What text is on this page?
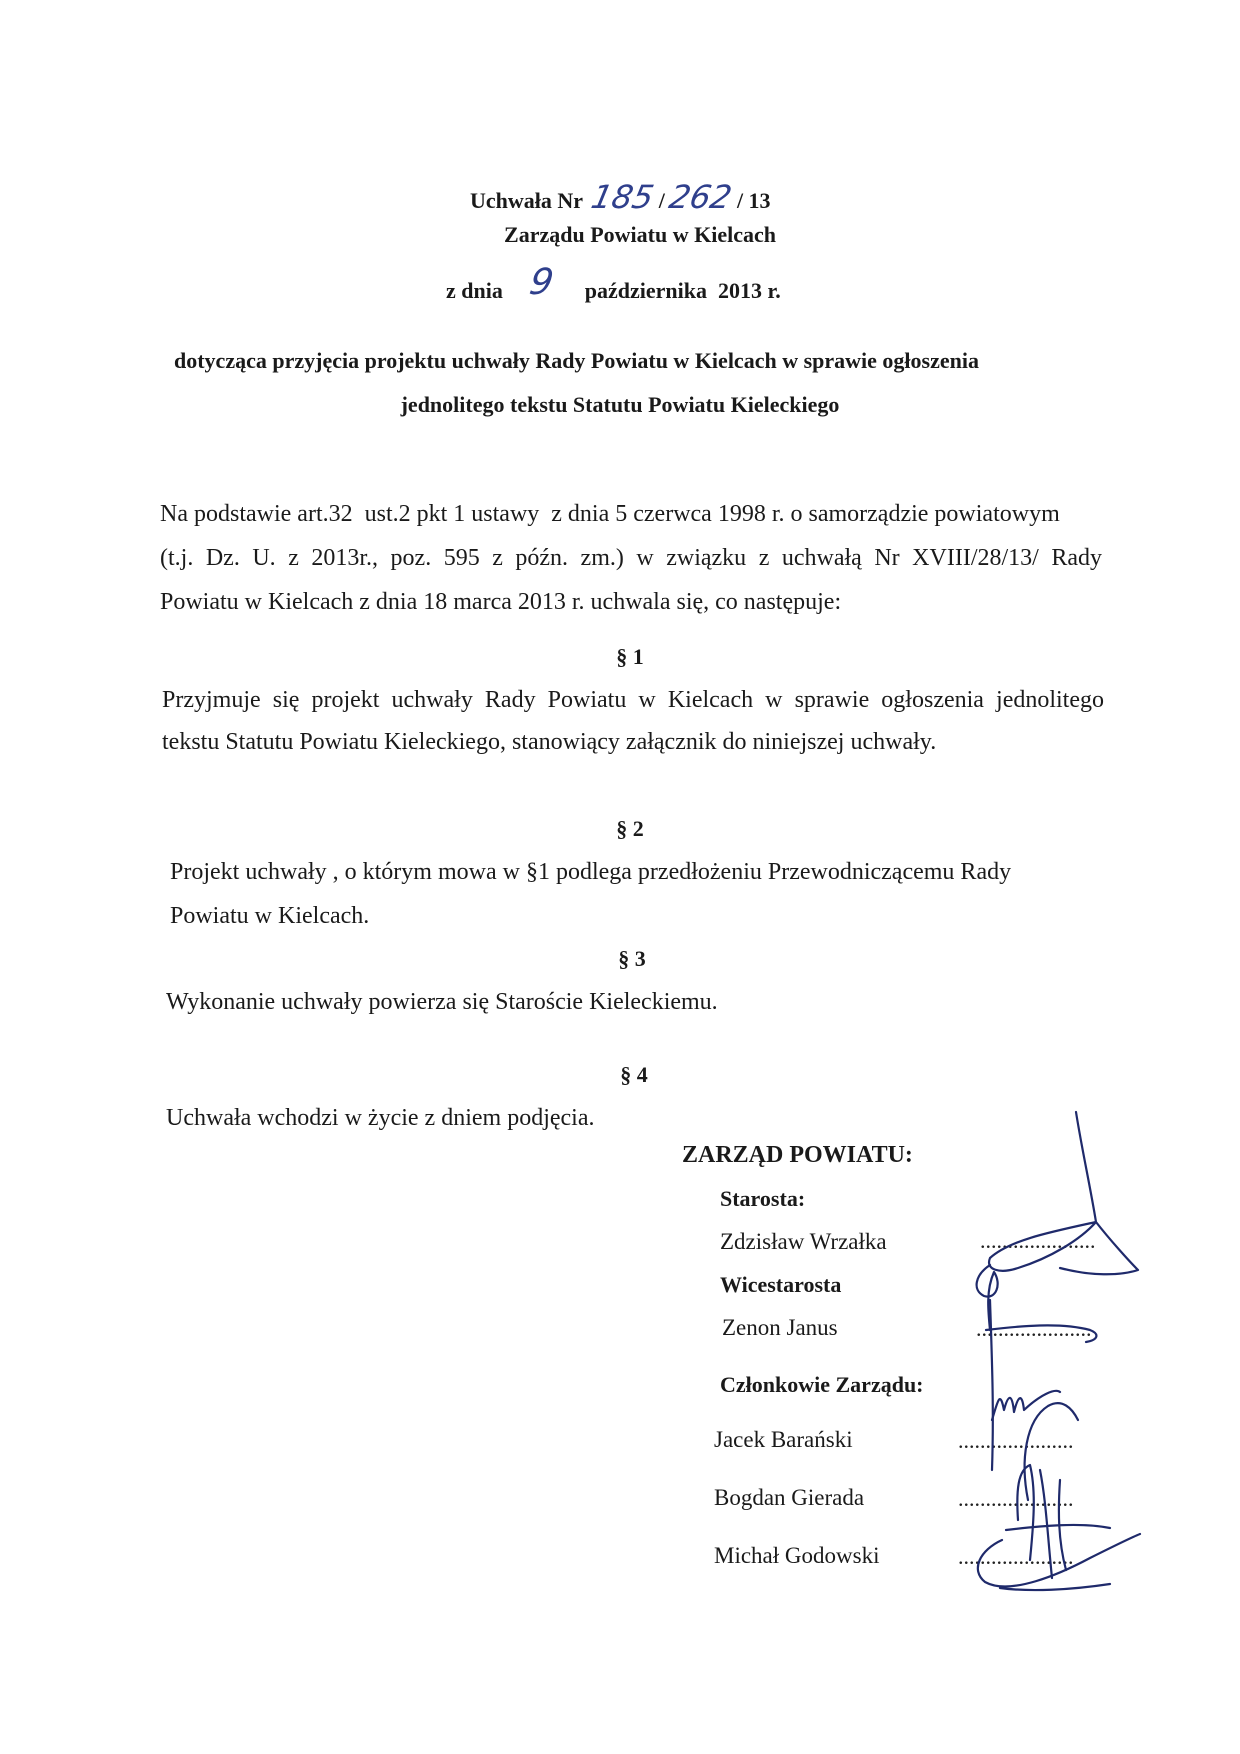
Uchwała Nr 185 / 262 / 13
Zarządu Powiatu w Kielcach
z dnia 9 października  2013 r.
dotycząca przyjęcia projektu uchwały Rady Powiatu w Kielcach w sprawie ogłoszenia
jednolitego tekstu Statutu Powiatu Kieleckiego
Na podstawie art.32  ust.2 pkt 1 ustawy  z dnia 5 czerwca 1998 r. o samorządzie powiatowym
(t.j. Dz. U. z 2013r., poz. 595 z późn. zm.) w związku z uchwałą Nr XVIII/28/13/ Rady
Powiatu w Kielcach z dnia 18 marca 2013 r. uchwala się, co następuje:
§ 1
Przyjmuje się projekt uchwały Rady Powiatu w Kielcach w sprawie ogłoszenia jednolitego
tekstu Statutu Powiatu Kieleckiego, stanowiący załącznik do niniejszej uchwały.
§ 2
Projekt uchwały , o którym mowa w §1 podlega przedłożeniu Przewodniczącemu Rady
Powiatu w Kielcach.
§ 3
Wykonanie uchwały powierza się Staroście Kieleckiemu.
§ 4
Uchwała wchodzi w życie z dniem podjęcia.
ZARZĄD POWIATU:
Starosta:
Zdzisław Wrzałka	.....................
Wicestarosta
Zenon Janus	.....................
Członkowie Zarządu:
Jacek Barański	.....................
Bogdan Gierada	.....................
Michał Godowski	.....................
